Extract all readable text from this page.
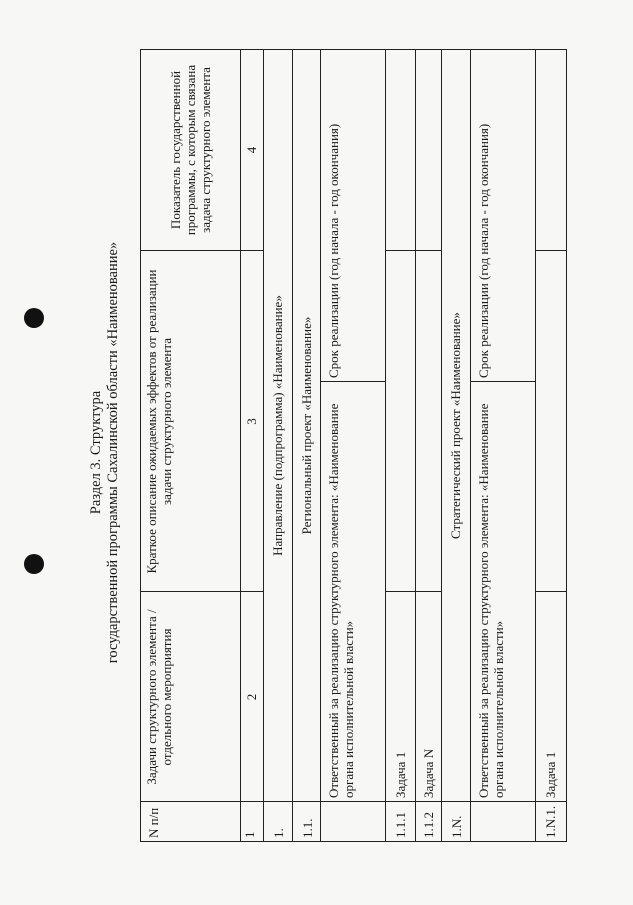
Раздел 3. Структура государственной программы Сахалинской области «Наименование»
N п/п
Задачи структурного элемента / отдельного мероприятия
Краткое описание ожидаемых эффектов от реализации задачи структурного элемента
Показатель государственной программы, с которым связана задача структурного элемента
1
2
3
4
1.
Направление (подпрограмма) «Наименование»
1.1.
Региональный проект «Наименование» Ответственный за реализацию структурного элемента: «Наименование органа исполнительной власти»
Срок реализации (год начала - год окончания)
1.1.1
Задача 1
1.1.2
Задача N
1.N.
Стратегический проект «Наименование»	Ответственный за реализацию структурного элемента: «Наименование органа исполнительной власти»
Срок реализации (год начала - год окончания)
1.N.1.
Задача 1
